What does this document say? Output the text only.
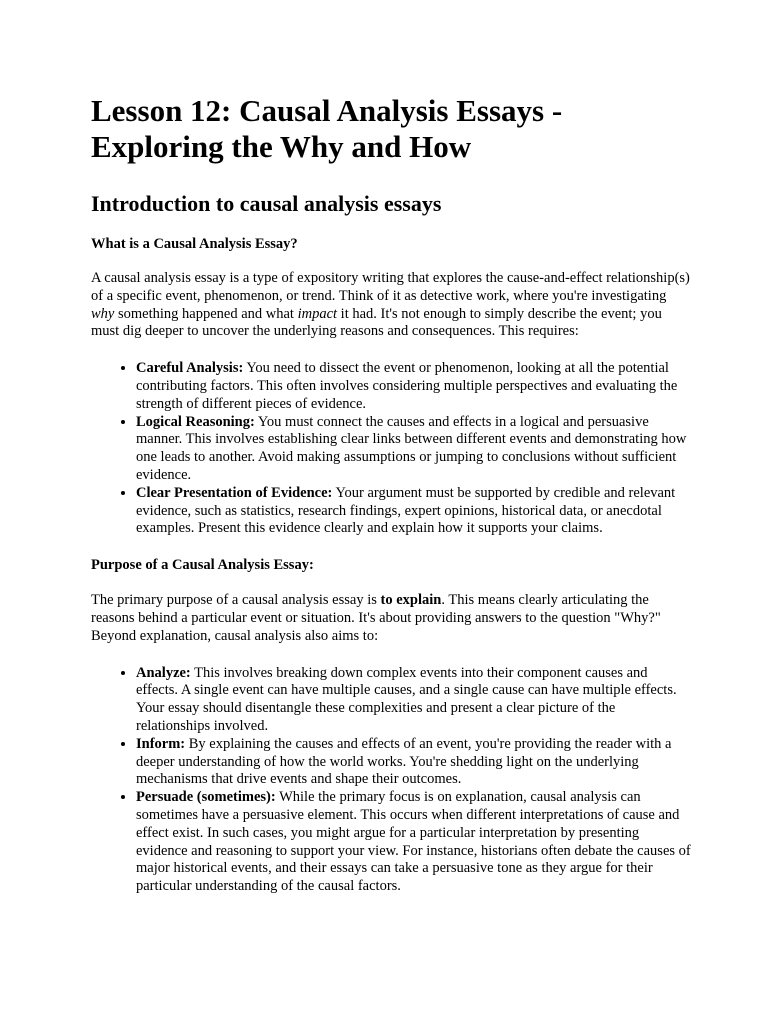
Lesson 12: Causal Analysis Essays - Exploring the Why and How
Introduction to causal analysis essays
What is a Causal Analysis Essay?

A causal analysis essay is a type of expository writing that explores the cause-and-effect relationship(s) of a specific event, phenomenon, or trend. Think of it as detective work, where you're investigating why something happened and what impact it had. It's not enough to simply describe the event; you must dig deeper to uncover the underlying reasons and consequences. This requires:

• Careful Analysis: You need to dissect the event or phenomenon, looking at all the potential contributing factors. This often involves considering multiple perspectives and evaluating the strength of different pieces of evidence.
• Logical Reasoning: You must connect the causes and effects in a logical and persuasive manner. This involves establishing clear links between different events and demonstrating how one leads to another. Avoid making assumptions or jumping to conclusions without sufficient evidence.
• Clear Presentation of Evidence: Your argument must be supported by credible and relevant evidence, such as statistics, research findings, expert opinions, historical data, or anecdotal examples. Present this evidence clearly and explain how it supports your claims.
Purpose of a Causal Analysis Essay:

The primary purpose of a causal analysis essay is to explain. This means clearly articulating the reasons behind a particular event or situation. It's about providing answers to the question "Why?" Beyond explanation, causal analysis also aims to:

• Analyze: This involves breaking down complex events into their component causes and effects. A single event can have multiple causes, and a single cause can have multiple effects. Your essay should disentangle these complexities and present a clear picture of the relationships involved.
• Inform: By explaining the causes and effects of an event, you're providing the reader with a deeper understanding of how the world works. You're shedding light on the underlying mechanisms that drive events and shape their outcomes.
• Persuade (sometimes): While the primary focus is on explanation, causal analysis can sometimes have a persuasive element. This occurs when different interpretations of cause and effect exist. In such cases, you might argue for a particular interpretation by presenting evidence and reasoning to support your view. For instance, historians often debate the causes of major historical events, and their essays can take a persuasive tone as they argue for their particular understanding of the causal factors.
